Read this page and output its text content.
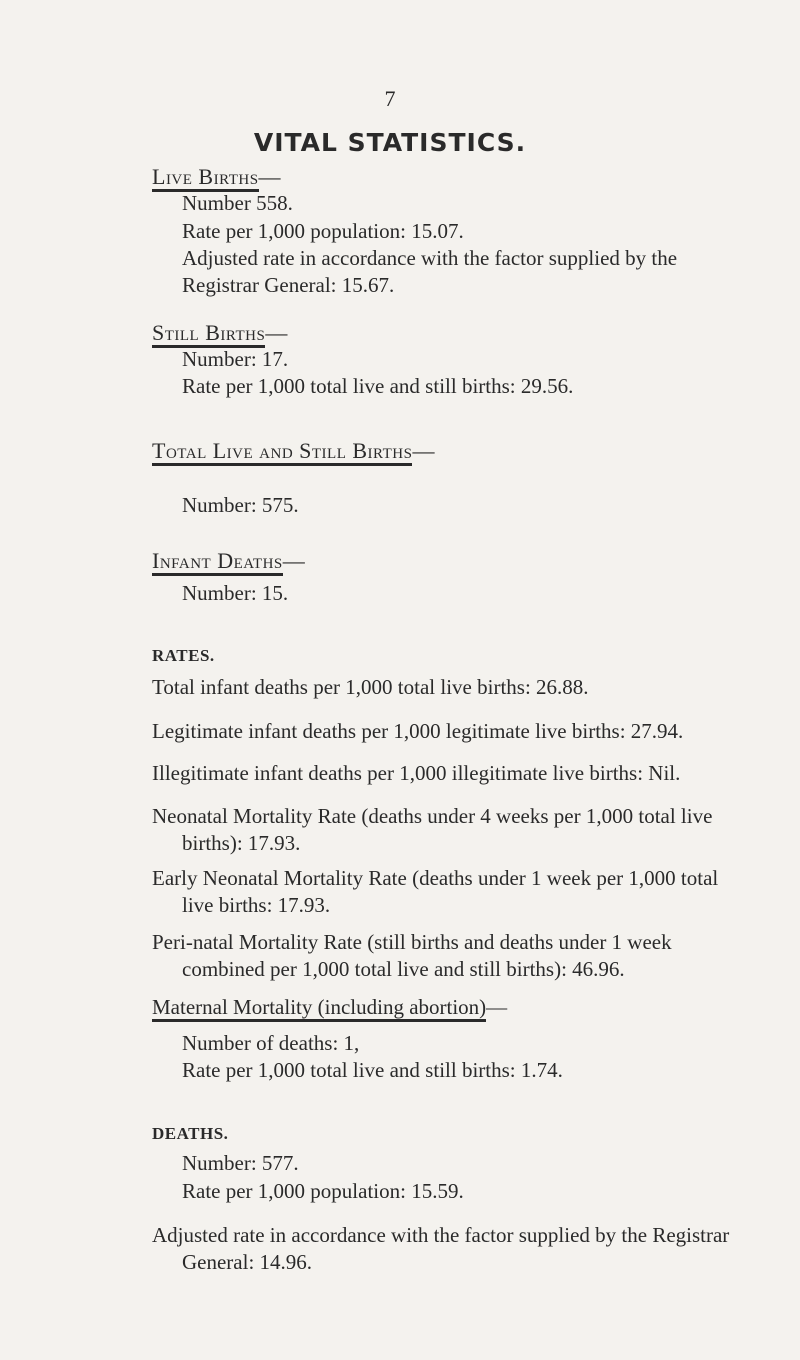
7
VITAL STATISTICS.
Live Births—
Number 558.
Rate per 1,000 population: 15.07.
Adjusted rate in accordance with the factor supplied by the Registrar General: 15.67.
Still Births—
Number: 17.
Rate per 1,000 total live and still births: 29.56.
Total Live and Still Births—
Number: 575.
Infant Deaths—
Number: 15.
RATES.
Total infant deaths per 1,000 total live births: 26.88.
Legitimate infant deaths per 1,000 legitimate live births: 27.94.
Illegitimate infant deaths per 1,000 illegitimate live births: Nil.
Neonatal Mortality Rate (deaths under 4 weeks per 1,000 total live births): 17.93.
Early Neonatal Mortality Rate (deaths under 1 week per 1,000 total live births: 17.93.
Peri-natal Mortality Rate (still births and deaths under 1 week combined per 1,000 total live and still births): 46.96.
Maternal Mortality (including abortion)—
Number of deaths: 1,
Rate per 1,000 total live and still births: 1.74.
DEATHS.
Number: 577.
Rate per 1,000 population: 15.59.
Adjusted rate in accordance with the factor supplied by the Registrar General: 14.96.
